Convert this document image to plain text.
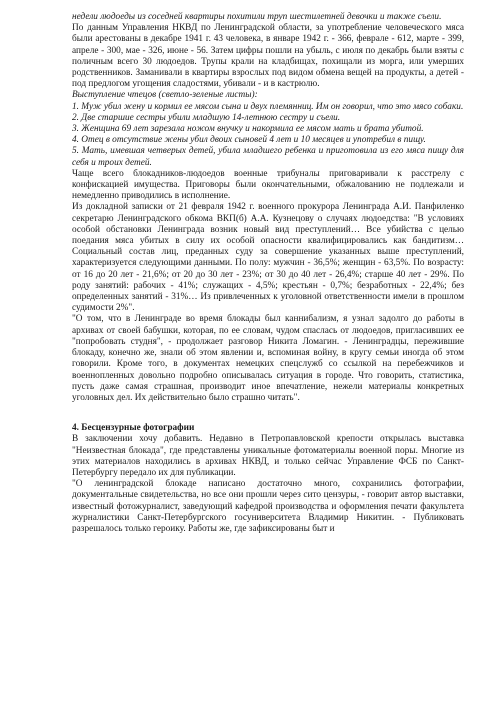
недели людоеды из соседней квартиры похитили труп шестилетней девочки и также съели.

По данным Управления НКВД по Ленинградской области, за употребление человеческого мяса были арестованы в декабре 1941 г. 43 человека, в январе 1942 г. - 366, феврале - 612, марте - 399, апреле - 300, мае - 326, июне - 56. Затем цифры пошли на убыль, с июля по декабрь были взяты с поличным всего 30 людоедов. Трупы крали на кладбищах, похищали из морга, или умерших родственников. Заманивали в квартиры взрослых под видом обмена вещей на продукты, а детей - под предлогом угощения сладостями, убивали - и в кастрюлю.

Выступление чтецов (светло-зеленые листы):

1. Муж убил жену и кормил ее мясом сына и двух племянниц. Им он говорил, что это мясо собаки.

2. Две старшие сестры убили младшую 14-летнюю сестру и съели.

3. Женщина 69 лет зарезала ножом внучку и накормила ее мясом мать и брата убитой.

4. Отец в отсутствие жены убил двоих сыновей 4 лет и 10 месяцев и употребил в пищу.

5. Мать, имевшая четверых детей, убила младшего ребенка и приготовила из его мяса пищу для себя и троих детей.

Чаще всего блокадников-людоедов военные трибуналы приговаривали к расстрелу с конфискацией имущества. Приговоры были окончательными, обжалованию не подлежали и немедленно приводились в исполнение.

Из докладной записки от 21 февраля 1942 г. военного прокурора Ленинграда А.И. Панфиленко секретарю Ленинградского обкома ВКП(б) А.А. Кузнецову о случаях людоедства: "В условиях особой обстановки Ленинграда возник новый вид преступлений… Все убийства с целью поедания мяса убитых в силу их особой опасности квалифицировались как бандитизм… Социальный состав лиц, преданных суду за совершение указанных выше преступлений, характеризуется следующими данными. По полу: мужчин - 36,5%; женщин - 63,5%. По возрасту: от 16 до 20 лет - 21,6%; от 20 до 30 лет - 23%; от 30 до 40 лет - 26,4%; старше 40 лет - 29%. По роду занятий: рабочих - 41%; служащих - 4,5%; крестьян - 0,7%; безработных - 22,4%; без определенных занятий - 31%… Из привлеченных к уголовной ответственности имели в прошлом судимости 2%".

"О том, что в Ленинграде во время блокады был каннибализм, я узнал задолго до работы в архивах от своей бабушки, которая, по ее словам, чудом спаслась от людоедов, пригласивших ее "попробовать студня", - продолжает разговор Никита Ломагин. - Ленинградцы, пережившие блокаду, конечно же, знали об этом явлении и, вспоминая войну, в кругу семьи иногда об этом говорили. Кроме того, в документах немецких спецслужб со ссылкой на перебежчиков и военнопленных довольно подробно описывалась ситуация в городе. Что говорить, статистика, пусть даже самая страшная, производит иное впечатление, нежели материалы конкретных уголовных дел. Их действительно было страшно читать".

4. Бесцензурные фотографии

В заключении хочу добавить. Недавно в Петропавловской крепости открылась выставка "Неизвестная блокада", где представлены уникальные фотоматериалы военной поры. Многие из этих материалов находились в архивах НКВД, и только сейчас Управление ФСБ по Санкт-Петербургу передало их для публикации.

"О ленинградской блокаде написано достаточно много, сохранились фотографии, документальные свидетельства, но все они прошли через сито цензуры, - говорит автор выставки, известный фотожурналист, заведующий кафедрой производства и оформления печати факультета журналистики Санкт-Петербургского госуниверситета Владимир Никитин. - Публиковать разрешалось только героику. Работы же, где зафиксированы быт и
